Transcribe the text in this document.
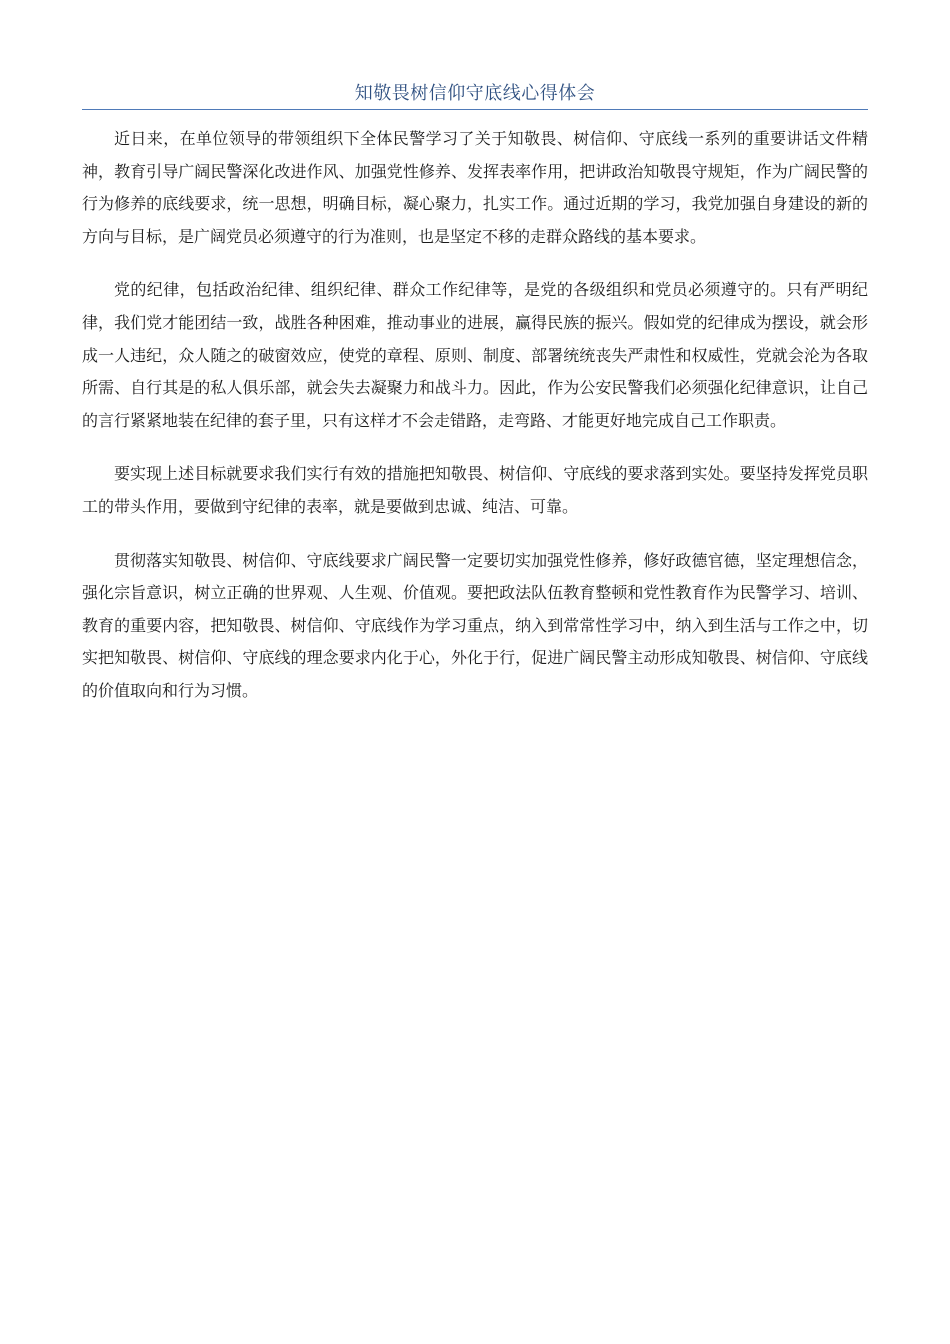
知敬畏树信仰守底线心得体会

近日来，在单位领导的带领组织下全体民警学习了关于知敬畏、树信仰、守底线一系列的重要讲话文件精神，教育引导广阔民警深化改进作风、加强党性修养、发挥表率作用，把讲政治知敬畏守规矩，作为广阔民警的行为修养的底线要求，统一思想，明确目标，凝心聚力，扎实工作。通过近期的学习，我党加强自身建设的新的方向与目标，是广阔党员必须遵守的行为准则，也是坚定不移的走群众路线的基本要求。

党的纪律，包括政治纪律、组织纪律、群众工作纪律等，是党的各级组织和党员必须遵守的。只有严明纪律，我们党才能团结一致，战胜各种困难，推动事业的进展，赢得民族的振兴。假如党的纪律成为摆设，就会形成一人违纪，众人随之的破窗效应，使党的章程、原则、制度、部署统统丧失严肃性和权威性，党就会沦为各取所需、自行其是的私人俱乐部，就会失去凝聚力和战斗力。因此，作为公安民警我们必须强化纪律意识，让自己的言行紧紧地装在纪律的套子里，只有这样才不会走错路，走弯路、才能更好地完成自己工作职责。

要实现上述目标就要求我们实行有效的措施把知敬畏、树信仰、守底线的要求落到实处。要坚持发挥党员职工的带头作用，要做到守纪律的表率，就是要做到忠诚、纯洁、可靠。

贯彻落实知敬畏、树信仰、守底线要求广阔民警一定要切实加强党性修养，修好政德官德，坚定理想信念，强化宗旨意识，树立正确的世界观、人生观、价值观。要把政法队伍教育整顿和党性教育作为民警学习、培训、教育的重要内容，把知敬畏、树信仰、守底线作为学习重点，纳入到常常性学习中，纳入到生活与工作之中，切实把知敬畏、树信仰、守底线的理念要求内化于心，外化于行，促进广阔民警主动形成知敬畏、树信仰、守底线的价值取向和行为习惯。
